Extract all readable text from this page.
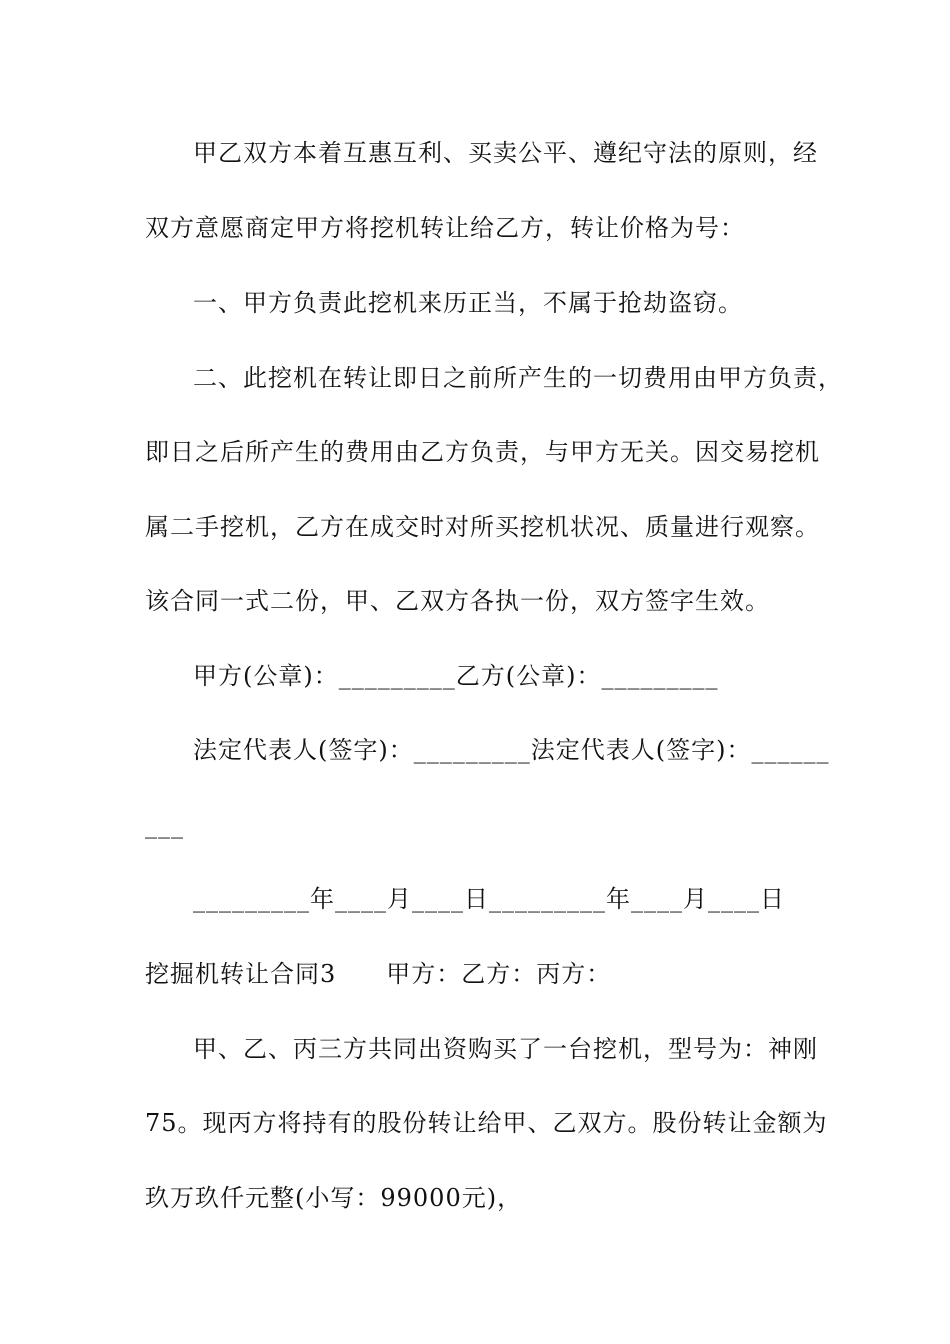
甲乙双方本着互惠互利、买卖公平、遵纪守法的原则，经
双方意愿商定甲方将挖机转让给乙方，转让价格为号：
一、甲方负责此挖机来历正当，不属于抢劫盗窃。
二、此挖机在转让即日之前所产生的一切费用由甲方负责，
即日之后所产生的费用由乙方负责，与甲方无关。因交易挖机
属二手挖机，乙方在成交时对所买挖机状况、质量进行观察。
该合同一式二份，甲、乙双方各执一份，双方签字生效。
甲方(公章)：_________乙方(公章)：_________
法定代表人(签字)：_________法定代表人(签字)：______
___
_________年____月____日_________年____月____日
挖掘机转让合同3　　甲方：乙方：丙方：
甲、乙、丙三方共同出资购买了一台挖机，型号为：神刚
75。现丙方将持有的股份转让给甲、乙双方。股份转让金额为
玖万玖仟元整(小写：99000元)，
